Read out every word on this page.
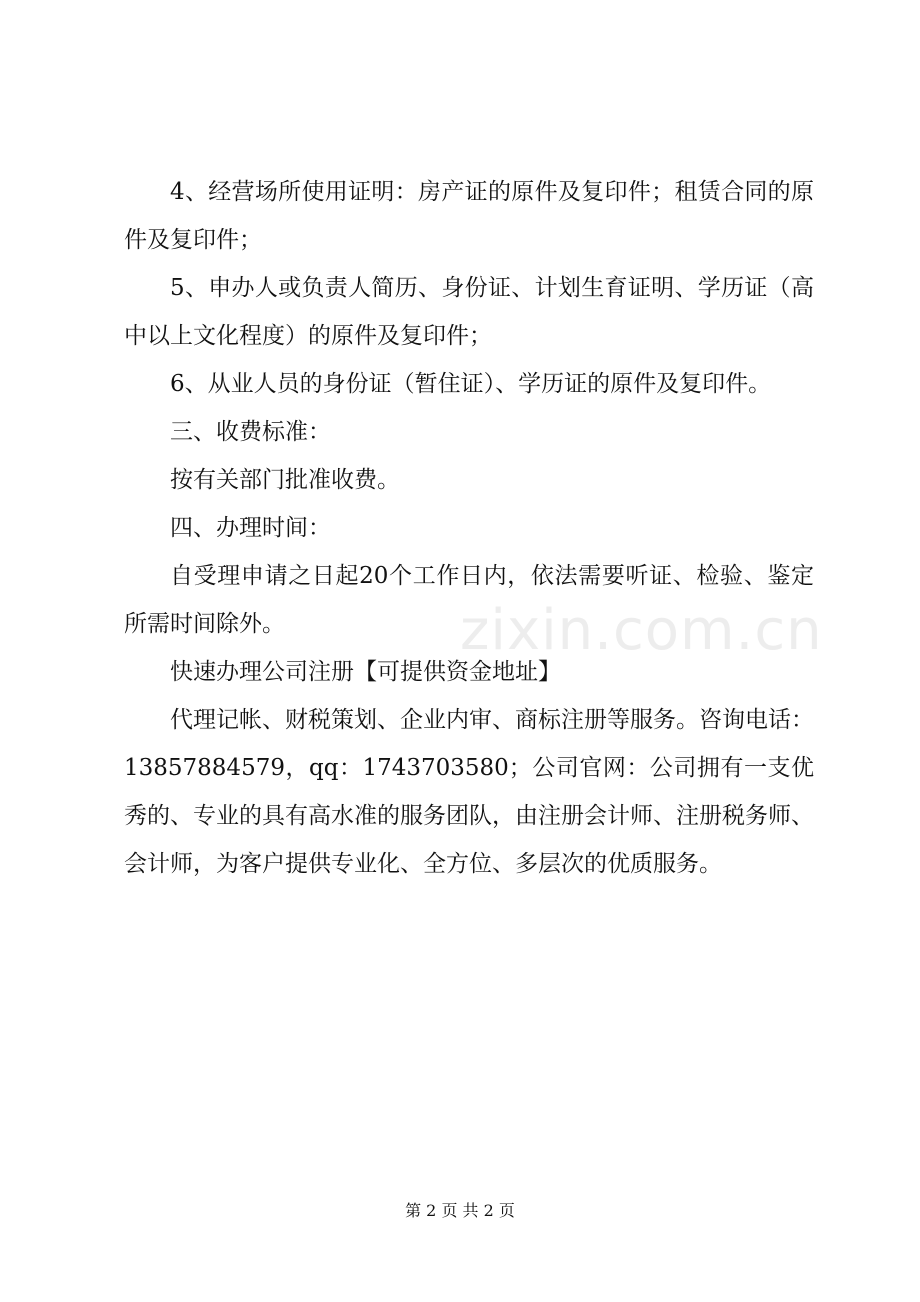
zixin.com.cn

4、经营场所使用证明：房产证的原件及复印件；租赁合同的原件及复印件；

5、申办人或负责人简历、身份证、计划生育证明、学历证（高中以上文化程度）的原件及复印件；

6、从业人员的身份证（暂住证）、学历证的原件及复印件。

三、收费标准：

按有关部门批准收费。

四、办理时间：

自受理申请之日起20个工作日内，依法需要听证、检验、鉴定所需时间除外。

快速办理公司注册【可提供资金地址】

代理记帐、财税策划、企业内审、商标注册等服务。咨询电话：13857884579，qq：1743703580；公司官网：公司拥有一支优秀的、专业的具有高水准的服务团队，由注册会计师、注册税务师、会计师，为客户提供专业化、全方位、多层次的优质服务。

第 2 页 共 2 页
